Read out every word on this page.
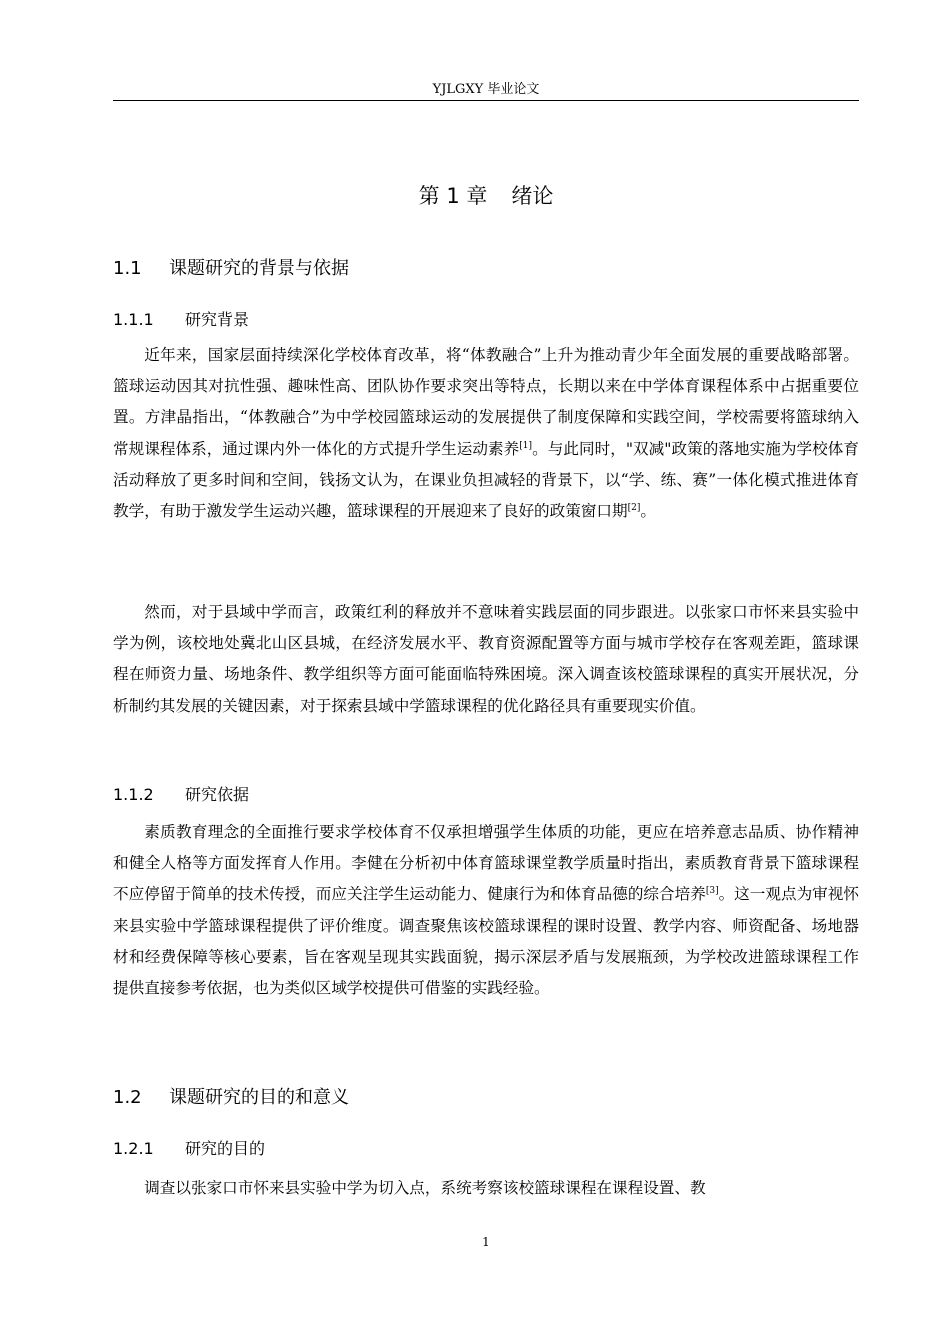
YJLGXY 毕业论文
第 1 章 绪论
1.1 课题研究的背景与依据
1.1.1 研究背景
近年来，国家层面持续深化学校体育改革，将“体教融合”上升为推动青少年全面发展的重要战略部署。篮球运动因其对抗性强、趣味性高、团队协作要求突出等特点，长期以来在中学体育课程体系中占据重要位置。方津晶指出，“体教融合”为中学校园篮球运动的发展提供了制度保障和实践空间，学校需要将篮球纳入常规课程体系，通过课内外一体化的方式提升学生运动素养[1]。与此同时，"双减"政策的落地实施为学校体育活动释放了更多时间和空间，钱扬文认为，在课业负担减轻的背景下，以“学、练、赛”一体化模式推进体育教学，有助于激发学生运动兴趣，篮球课程的开展迎来了良好的政策窗口期[2]。
然而，对于县域中学而言，政策红利的释放并不意味着实践层面的同步跟进。以张家口市怀来县实验中学为例，该校地处冀北山区县城，在经济发展水平、教育资源配置等方面与城市学校存在客观差距，篮球课程在师资力量、场地条件、教学组织等方面可能面临特殊困境。深入调查该校篮球课程的真实开展状况，分析制约其发展的关键因素，对于探索县域中学篮球课程的优化路径具有重要现实价值。
1.1.2 研究依据
素质教育理念的全面推行要求学校体育不仅承担增强学生体质的功能，更应在培养意志品质、协作精神和健全人格等方面发挥育人作用。李健在分析初中体育篮球课堂教学质量时指出，素质教育背景下篮球课程不应停留于简单的技术传授，而应关注学生运动能力、健康行为和体育品德的综合培养[3]。这一观点为审视怀来县实验中学篮球课程提供了评价维度。调查聚焦该校篮球课程的课时设置、教学内容、师资配备、场地器材和经费保障等核心要素，旨在客观呈现其实践面貌，揭示深层矛盾与发展瓶颈，为学校改进篮球课程工作提供直接参考依据，也为类似区域学校提供可借鉴的实践经验。
1.2 课题研究的目的和意义
1.2.1 研究的目的
调查以张家口市怀来县实验中学为切入点，系统考察该校篮球课程在课程设置、教
1
